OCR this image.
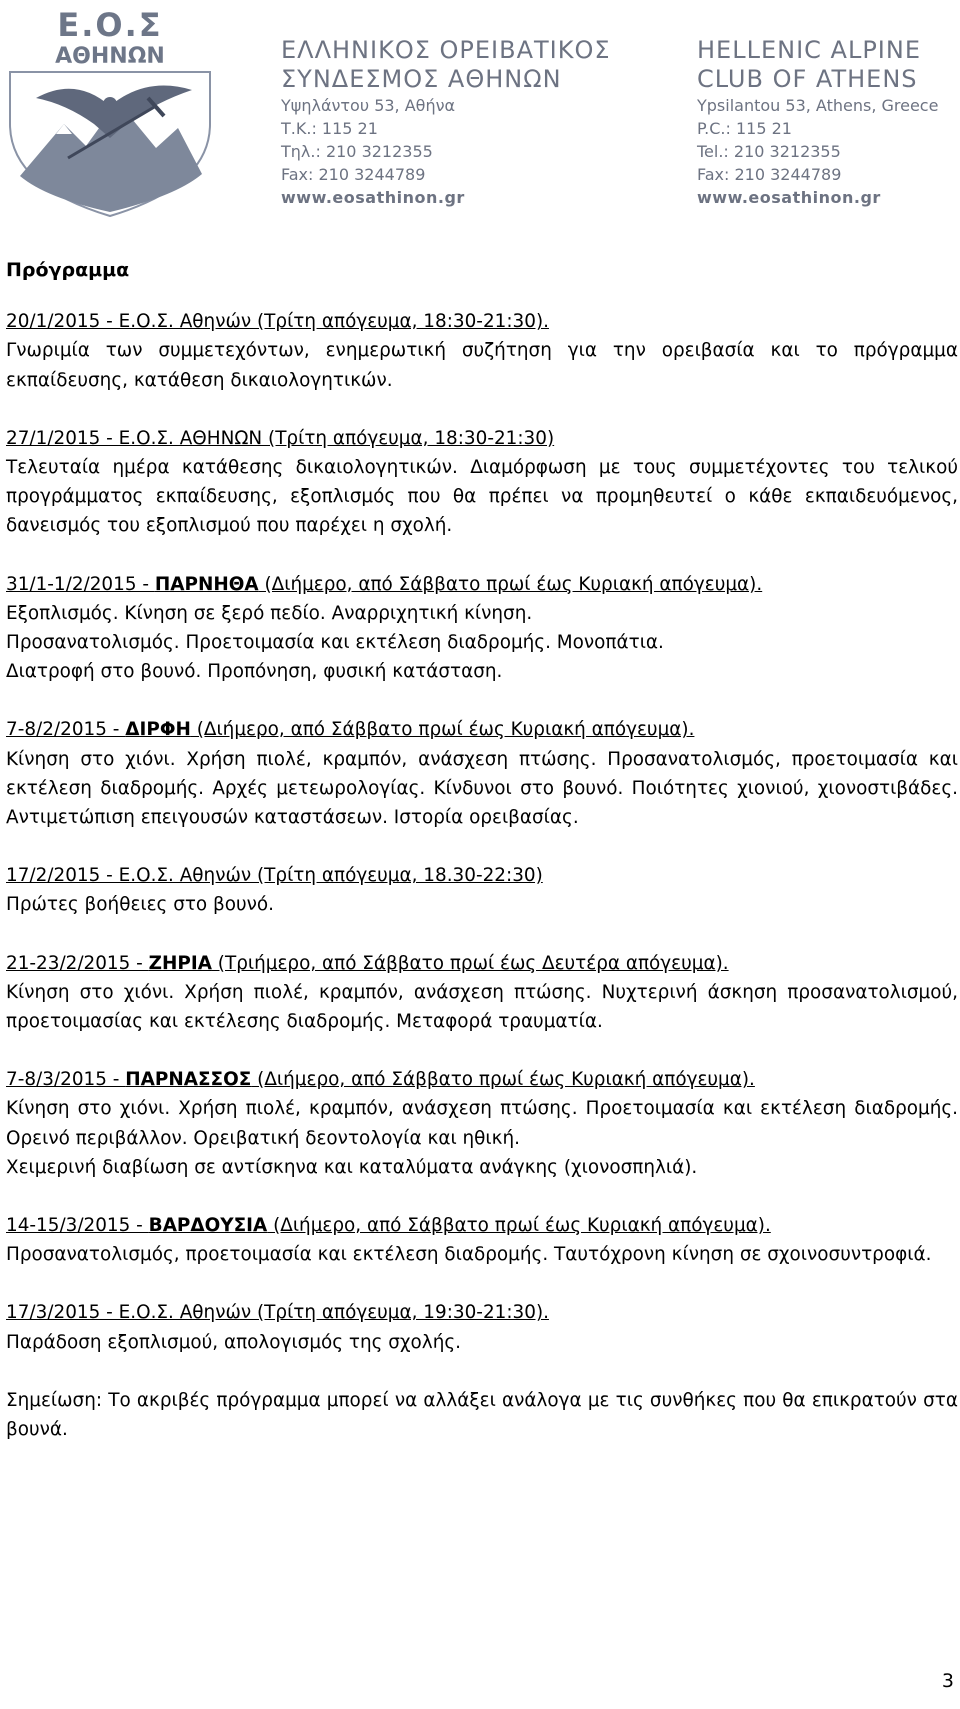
Ε.Ο.Σ
ΑΘΗΝΩΝ	ΕΛΛΗΝΙΚΟΣ ΟΡΕΙΒΑΤΙΚΟΣ
ΣΥΝΔΕΣΜΟΣ ΑΘΗΝΩΝ
Υψηλάντου 53, Αθήνα
Τ.Κ.: 115 21
Τηλ.: 210 3212355
Fax: 210 3244789
www.eosathinon.gr
HELLENIC ALPINE
CLUB OF ATHENS
Ypsilantou 53, Athens, Greece
P.C.: 115 21
Tel.: 210 3212355
Fax: 210 3244789
www.eosathinon.gr

Πρόγραμμα

20/1/2015 - Ε.Ο.Σ. Αθηνών (Τρίτη απόγευμα, 18:30-21:30).

Γνωριμία των συμμετεχόντων, ενημερωτική συζήτηση για την ορειβασία και το πρόγραμμα εκπαίδευσης, κατάθεση δικαιολογητικών.

27/1/2015 - Ε.Ο.Σ. ΑΘΗΝΩΝ (Τρίτη απόγευμα, 18:30-21:30)

Τελευταία ημέρα κατάθεσης δικαιολογητικών. Διαμόρφωση με τους συμμετέχοντες του τελικού προγράμματος εκπαίδευσης, εξοπλισμός που θα πρέπει να προμηθευτεί ο κάθε εκπαιδευόμενος, δανεισμός του εξοπλισμού που παρέχει η σχολή.

31/1-1/2/2015 - ΠΑΡΝΗΘΑ (Διήμερο, από Σάββατο πρωί έως Κυριακή απόγευμα).

Εξοπλισμός. Κίνηση σε ξερό πεδίο. Αναρριχητική κίνηση.

Προσανατολισμός. Προετοιμασία και εκτέλεση διαδρομής. Μονοπάτια.

Διατροφή στο βουνό. Προπόνηση, φυσική κατάσταση.

7-8/2/2015 - ΔΙΡΦΗ (Διήμερο, από Σάββατο πρωί έως Κυριακή απόγευμα).

Κίνηση στο χιόνι. Χρήση πιολέ, κραμπόν, ανάσχεση πτώσης. Προσανατολισμός, προετοιμασία και εκτέλεση διαδρομής. Αρχές μετεωρολογίας. Κίνδυνοι στο βουνό. Ποιότητες χιονιού, χιονοστιβάδες. Αντιμετώπιση επειγουσών καταστάσεων. Ιστορία ορειβασίας.

17/2/2015 - Ε.Ο.Σ. Αθηνών (Τρίτη απόγευμα, 18.30-22:30)

Πρώτες βοήθειες στο βουνό.

21-23/2/2015 - ΖΗΡΙΑ (Τριήμερο, από Σάββατο πρωί έως Δευτέρα απόγευμα).

Κίνηση στο χιόνι. Χρήση πιολέ, κραμπόν, ανάσχεση πτώσης. Νυχτερινή άσκηση προσανατολισμού, προετοιμασίας και εκτέλεσης διαδρομής. Μεταφορά τραυματία.

7-8/3/2015 - ΠΑΡΝΑΣΣΟΣ (Διήμερο, από Σάββατο πρωί έως Κυριακή απόγευμα).

Κίνηση στο χιόνι. Χρήση πιολέ, κραμπόν, ανάσχεση πτώσης. Προετοιμασία και εκτέλεση διαδρομής. Ορεινό περιβάλλον. Ορειβατική δεοντολογία και ηθική.

Χειμερινή διαβίωση σε αντίσκηνα και καταλύματα ανάγκης (χιονοσπηλιά).

14-15/3/2015 - ΒΑΡΔΟΥΣΙΑ (Διήμερο, από Σάββατο πρωί έως Κυριακή απόγευμα).

Προσανατολισμός, προετοιμασία και εκτέλεση διαδρομής. Ταυτόχρονη κίνηση σε σχοινοσυντροφιά.

17/3/2015 - Ε.Ο.Σ. Αθηνών (Τρίτη απόγευμα, 19:30-21:30).

Παράδοση εξοπλισμού, απολογισμός της σχολής.

Σημείωση: Το ακριβές πρόγραμμα μπορεί να αλλάξει ανάλογα με τις συνθήκες που θα επικρατούν στα βουνά.

3
